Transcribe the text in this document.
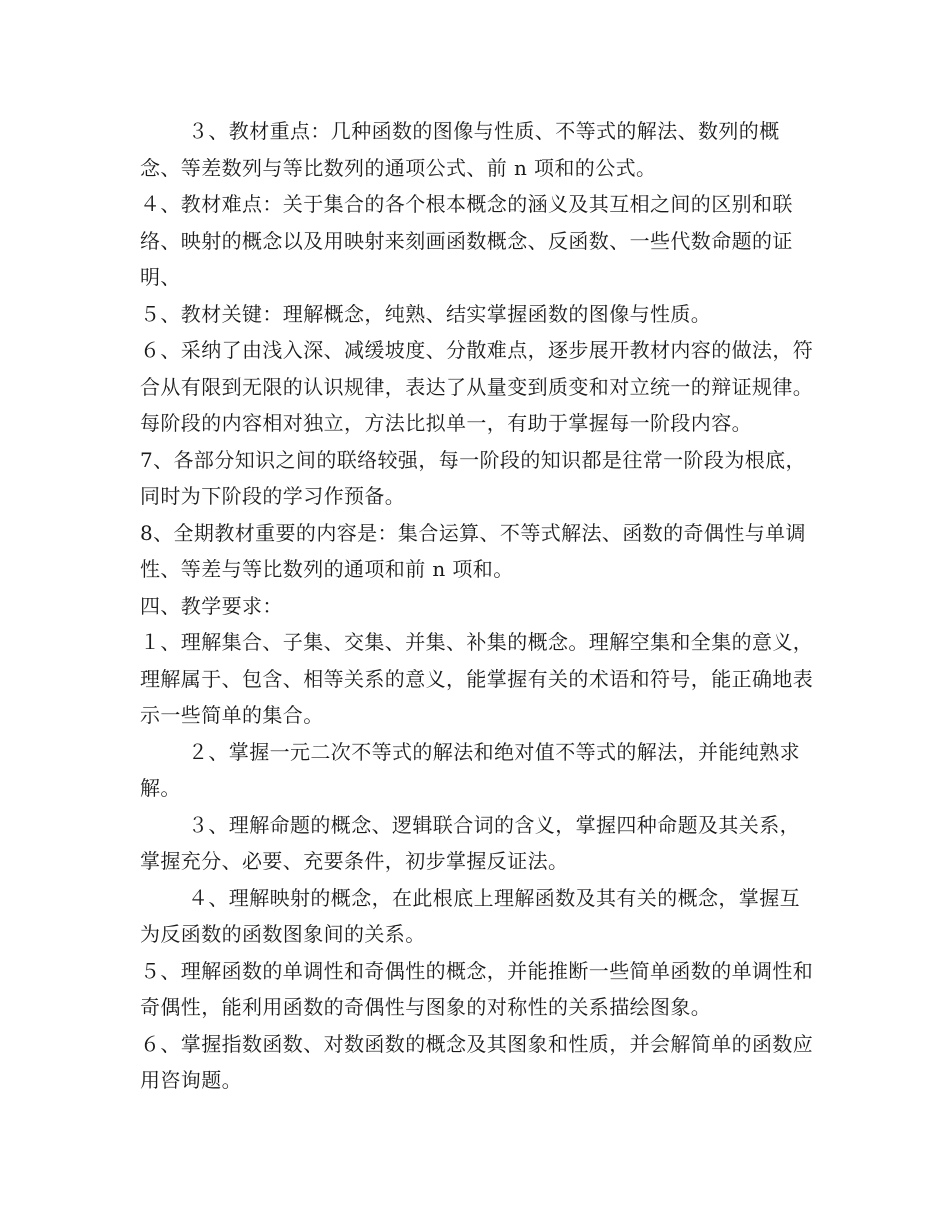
３、教材重点：几种函数的图像与性质、不等式的解法、数列的概念、等差数列与等比数列的通项公式、前 n 项和的公式。

４、教材难点：关于集合的各个根本概念的涵义及其互相之间的区别和联络、映射的概念以及用映射来刻画函数概念、反函数、一些代数命题的证明、

５、教材关键：理解概念，纯熟、结实掌握函数的图像与性质。

６、采纳了由浅入深、减缓坡度、分散难点，逐步展开教材内容的做法，符合从有限到无限的认识规律，表达了从量变到质变和对立统一的辩证规律。每阶段的内容相对独立，方法比拟单一，有助于掌握每一阶段内容。

7、各部分知识之间的联络较强，每一阶段的知识都是往常一阶段为根底，同时为下阶段的学习作预备。

8、全期教材重要的内容是：集合运算、不等式解法、函数的奇偶性与单调性、等差与等比数列的通项和前 n 项和。

四、教学要求：

１、理解集合、子集、交集、并集、补集的概念。理解空集和全集的意义，理解属于、包含、相等关系的意义，能掌握有关的术语和符号，能正确地表示一些简单的集合。

２、掌握一元二次不等式的解法和绝对值不等式的解法，并能纯熟求解。

３、理解命题的概念、逻辑联合词的含义，掌握四种命题及其关系，掌握充分、必要、充要条件，初步掌握反证法。

４、理解映射的概念，在此根底上理解函数及其有关的概念，掌握互为反函数的函数图象间的关系。

５、理解函数的单调性和奇偶性的概念，并能推断一些简单函数的单调性和奇偶性，能利用函数的奇偶性与图象的对称性的关系描绘图象。

６、掌握指数函数、对数函数的概念及其图象和性质，并会解简单的函数应用咨询题。
